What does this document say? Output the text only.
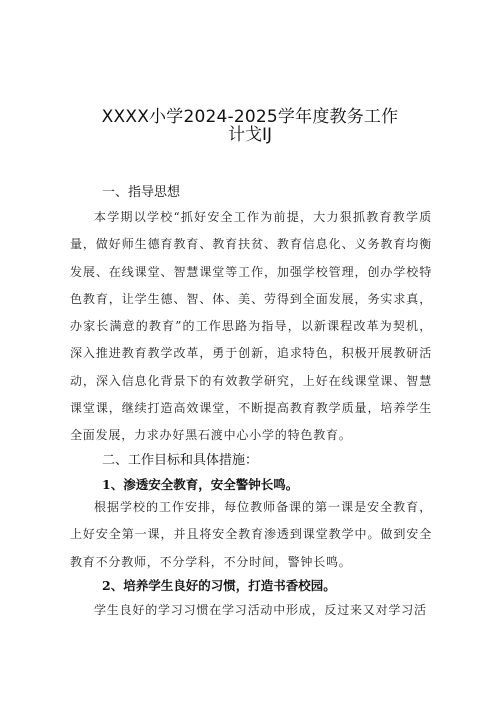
XXXX小学2024-2025学年度教务工作
计戈IJ
一、指导思想

本学期以学校“抓好安全工作为前提，大力狠抓教育教学质量，做好师生德育教育、教育扶贫、教育信息化、义务教育均衡发展、在线课堂、智慧课堂等工作，加强学校管理，创办学校特色教育，让学生德、智、体、美、劳得到全面发展，务实求真，办家长满意的教育”的工作思路为指导，以新课程改革为契机，深入推进教育教学改革，勇于创新，追求特色，积极开展教研活动，深入信息化背景下的有效教学研究，上好在线课堂课、智慧课堂课，继续打造高效课堂，不断提高教育教学质量，培养学生全面发展，力求办好黑石渡中心小学的特色教育。

二、工作目标和具体措施：
1、渗透安全教育，安全警钟长鸣。

根据学校的工作安排，每位教师备课的第一课是安全教育，上好安全第一课，并且将安全教育渗透到课堂教学中。做到安全教育不分教师，不分学科，不分时间，警钟长鸣。

2、培养学生良好的习惯，打造书香校园。

学生良好的学习习惯在学习活动中形成，反过来又对学习活
